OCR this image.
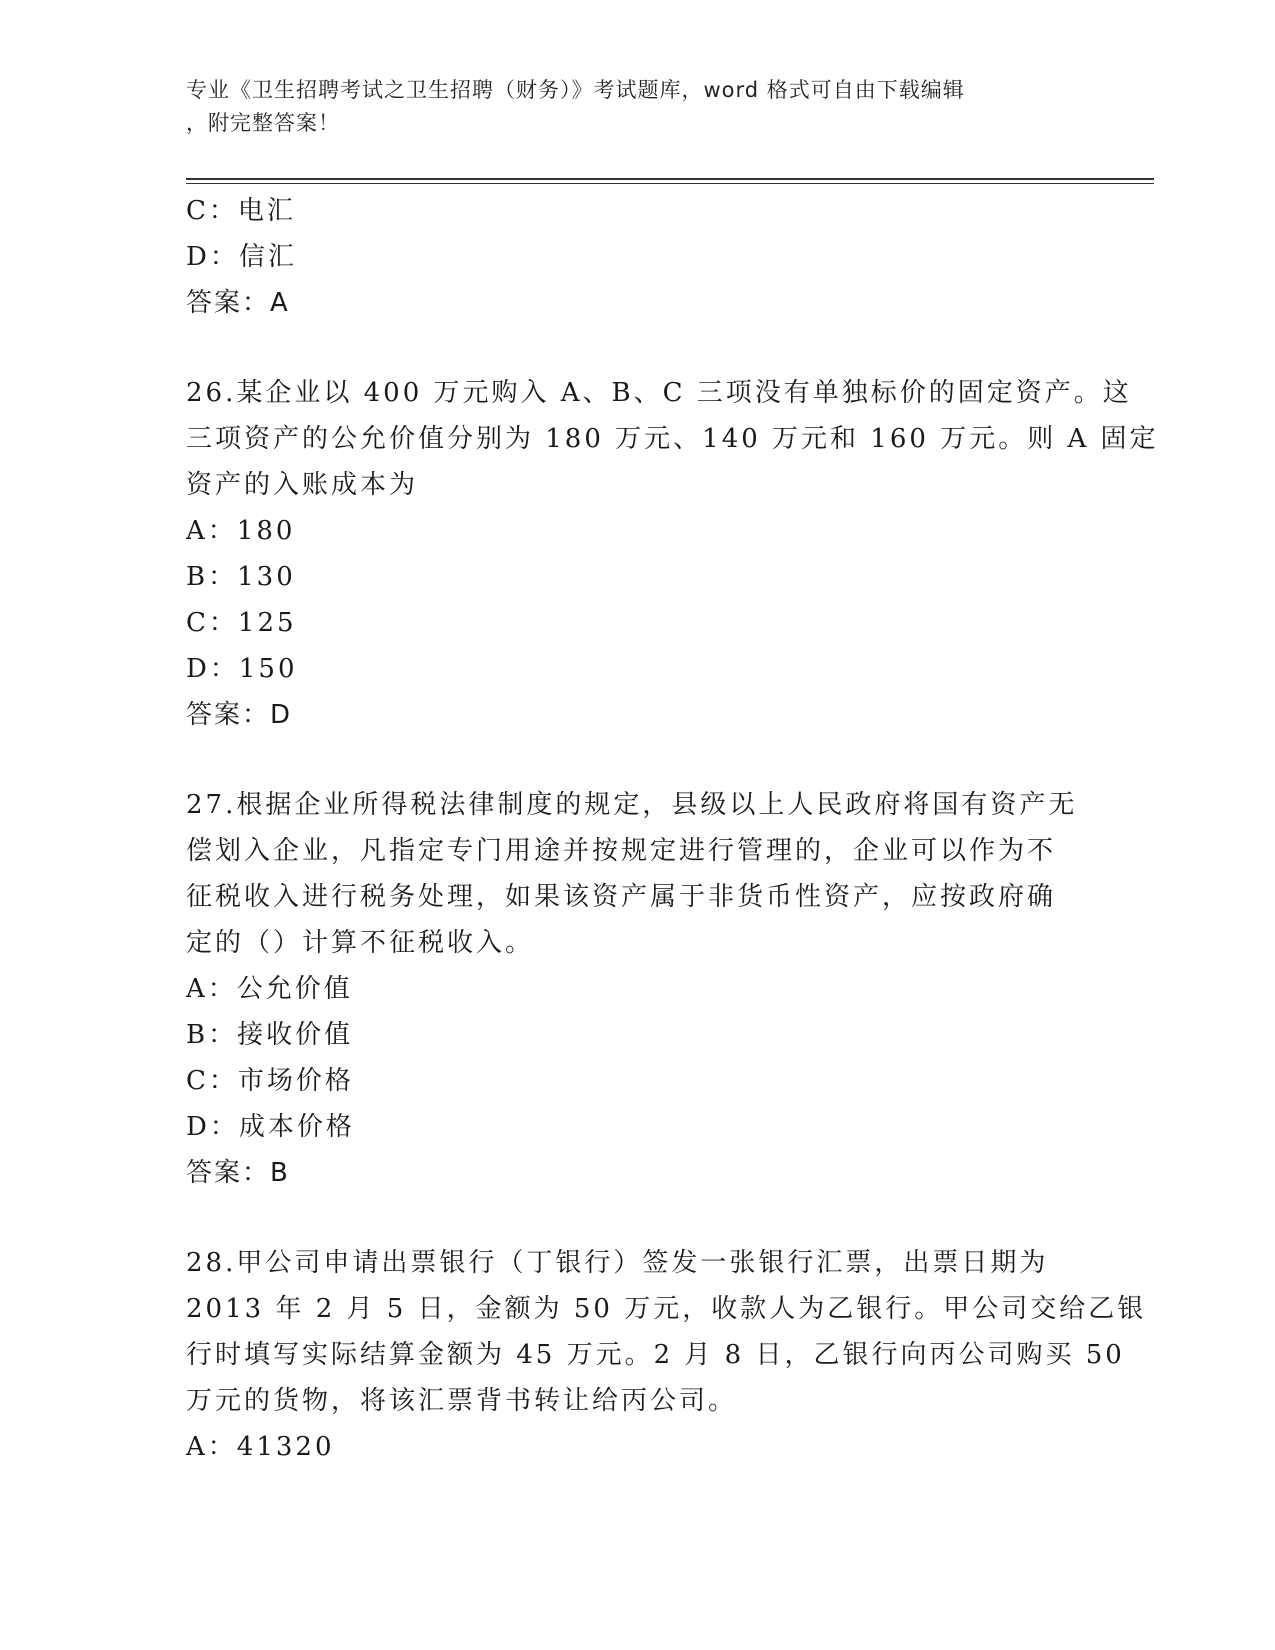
专业《卫生招聘考试之卫生招聘（财务）》考试题库，word 格式可自由下载编辑
，附完整答案！
C：电汇
D：信汇
答案：A
26.某企业以 400 万元购入 A、B、C 三项没有单独标价的固定资产。这
三项资产的公允价值分别为 180 万元、140 万元和 160 万元。则 A 固定
资产的入账成本为
A：180
B：130
C：125
D：150
答案：D
27.根据企业所得税法律制度的规定，县级以上人民政府将国有资产无
偿划入企业，凡指定专门用途并按规定进行管理的，企业可以作为不
征税收入进行税务处理，如果该资产属于非货币性资产，应按政府确
定的（）计算不征税收入。
A：公允价值
B：接收价值
C：市场价格
D：成本价格
答案：B
28.甲公司申请出票银行（丁银行）签发一张银行汇票，出票日期为
2013 年 2 月 5 日，金额为 50 万元，收款人为乙银行。甲公司交给乙银
行时填写实际结算金额为 45 万元。2 月 8 日，乙银行向丙公司购买 50
万元的货物，将该汇票背书转让给丙公司。
A：41320
